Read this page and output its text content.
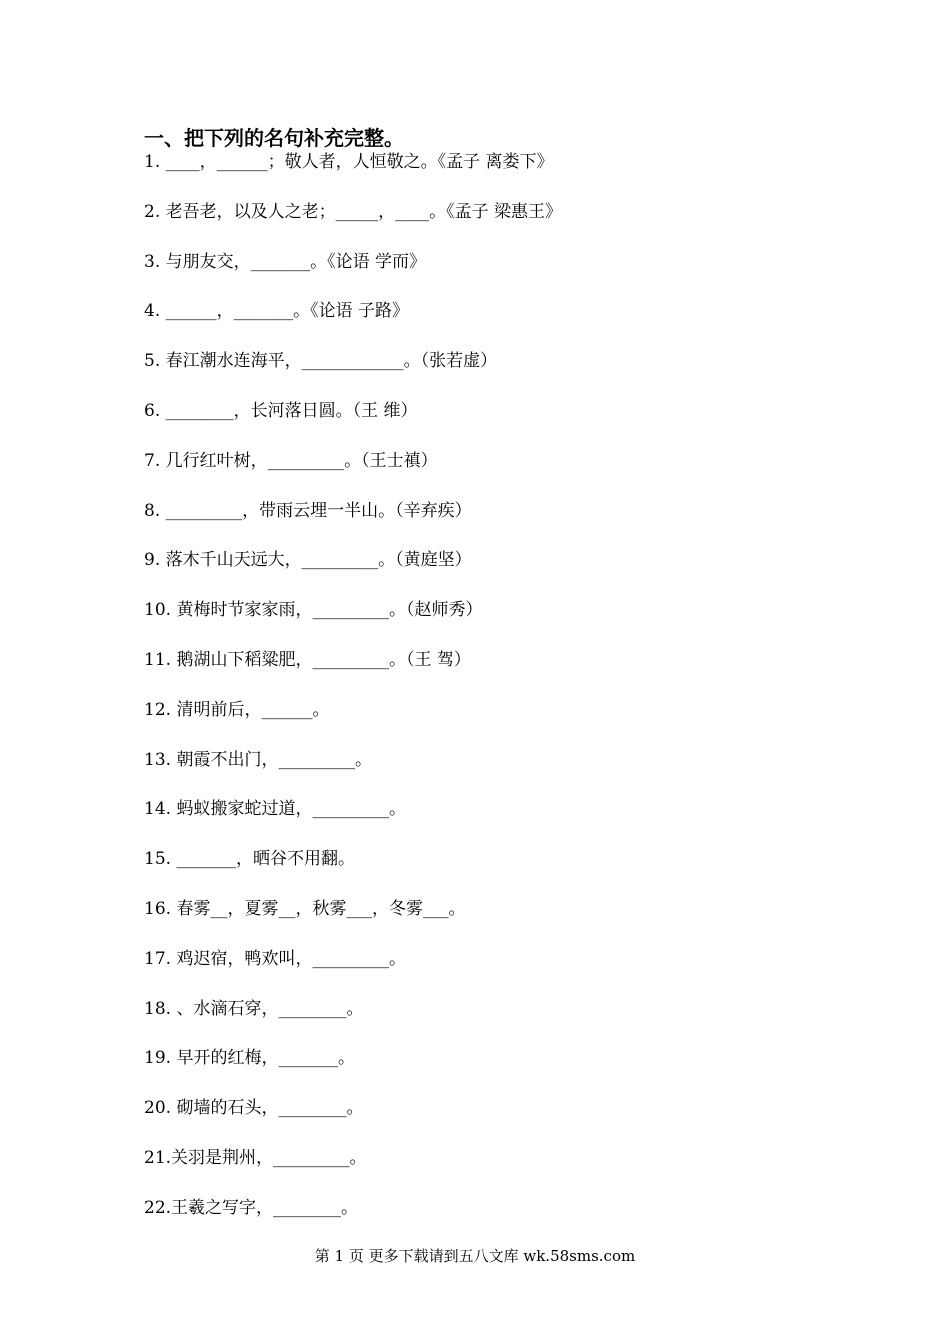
一、把下列的名句补充完整。
1. ____，______；敬人者，人恒敬之。《孟子 离娄下》
2. 老吾老，以及人之老；_____，____。《孟子 梁惠王》
3. 与朋友交，_______。《论语 学而》
4. ______，_______。《论语 子路》
5. 春江潮水连海平，____________。（张若虚）
6. ________，长河落日圆。（王 维）
7. 几行红叶树，_________。（王士禛）
8. _________，带雨云埋一半山。（辛弃疾）
9. 落木千山天远大，_________。（黄庭坚）
10. 黄梅时节家家雨，_________。（赵师秀）
11. 鹅湖山下稻粱肥，_________。（王 驾）
12. 清明前后，______。
13. 朝霞不出门，_________。
14. 蚂蚁搬家蛇过道，_________。
15. _______，晒谷不用翻。
16. 春雾__，夏雾__，秋雾___，冬雾___。
17. 鸡迟宿，鸭欢叫，_________。
18. 、水滴石穿，________。
19. 早开的红梅，_______。
20. 砌墙的石头，________。
21.关羽是荆州，_________。
22.王羲之写字，________。
第 1 页 更多下载请到五八文库 wk.58sms.com
